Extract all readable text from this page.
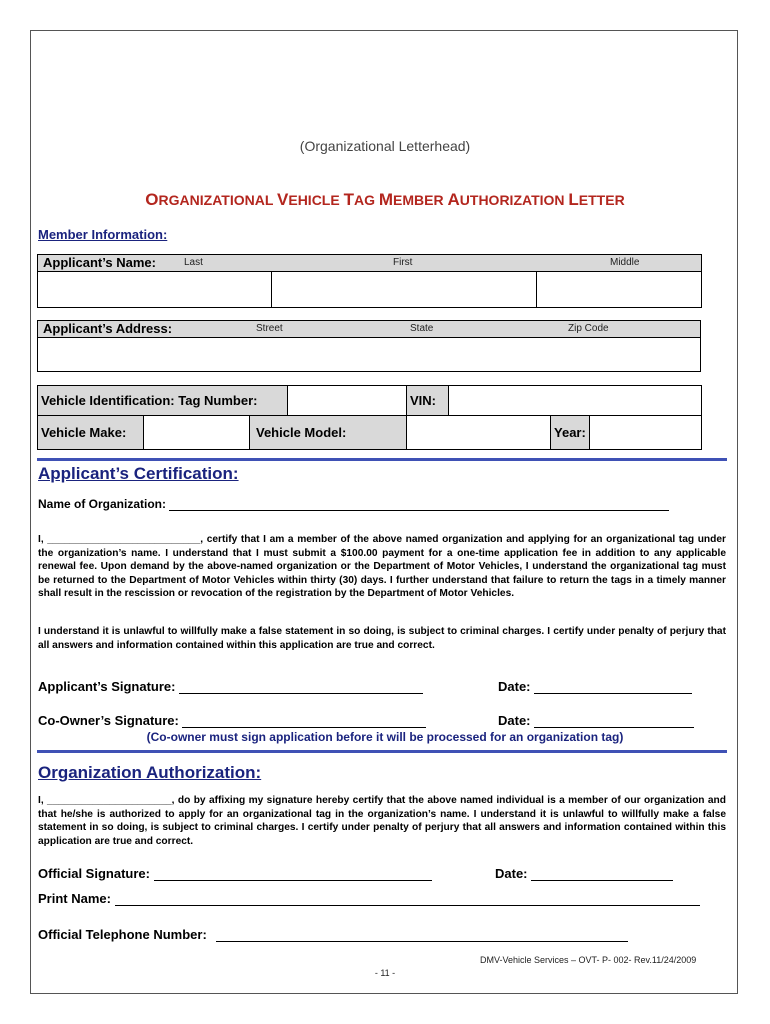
(Organizational Letterhead)
ORGANIZATIONAL VEHICLE TAG MEMBER AUTHORIZATION LETTER
Member Information:
Applicant’s Name:	Last	First	Middle

Applicant’s Address:	Street	State	Zip Code

Vehicle Identification: Tag Number:				VIN:			
Vehicle Make:		Vehicle Model:				Year:	
Applicant’s Certification:
Name of Organization:
I, ___________________________, certify that I am a member of the above named organization and applying for an organizational tag under the organization’s name. I understand that I must submit a $100.00 payment for a one-time application fee in addition to any applicable renewal fee. Upon demand by the above-named organization or the Department of Motor Vehicles, I understand the organizational tag must be returned to the Department of Motor Vehicles within thirty (30) days. I further understand that failure to return the tags in a timely manner shall result in the rescission or revocation of the registration by the Department of Motor Vehicles.
I understand it is unlawful to willfully make a false statement in so doing, is subject to criminal charges. I certify under penalty of perjury that all answers and information contained within this application are true and correct.
Applicant’s Signature:	Date:
Co-Owner’s Signature:	Date:
(Co-owner must sign application before it will be processed for an organization tag)
Organization Authorization:
I, ______________________, do by affixing my signature hereby certify that the above named individual is a member of our organization and that he/she is authorized to apply for an organizational tag in the organization’s name. I understand it is unlawful to willfully make a false statement in so doing, is subject to criminal charges. I certify under penalty of perjury that all answers and information contained within this application are true and correct.
Official Signature:	Date:
Print Name:
Official Telephone Number:
DMV-Vehicle Services – OVT- P- 002- Rev.11/24/2009
- 11 -
